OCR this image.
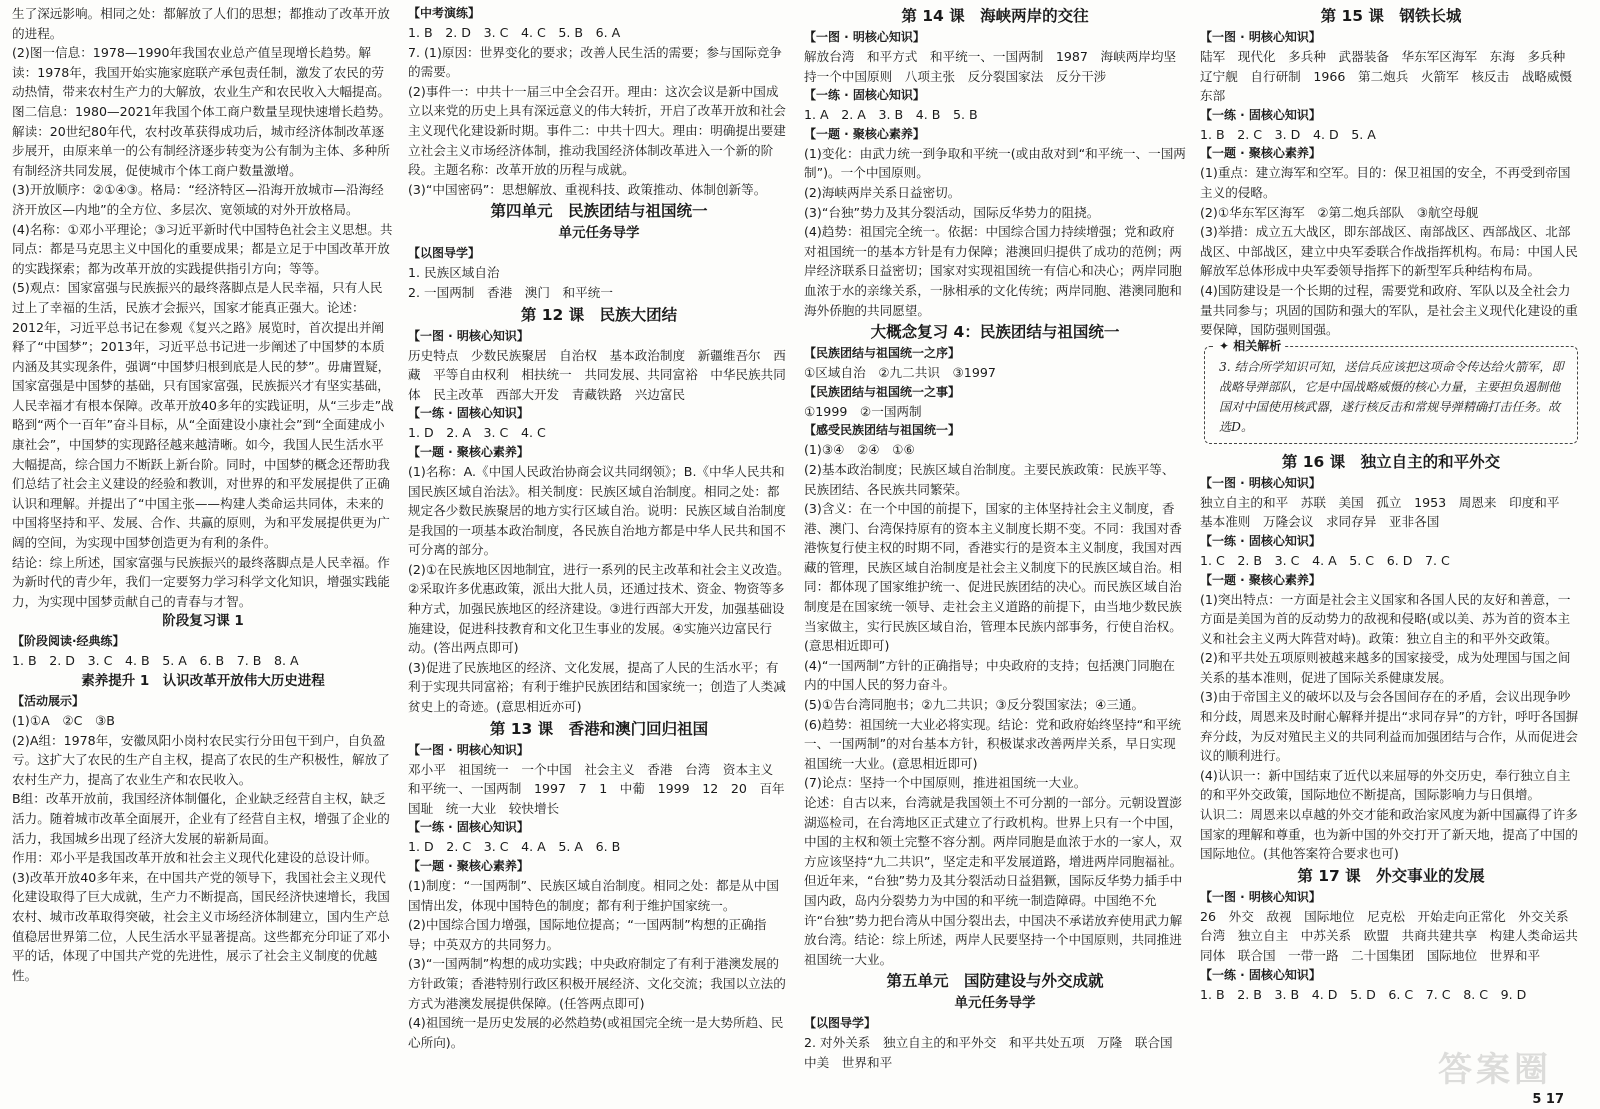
生了深远影响。相同之处：都解放了人们的思想；都推动了改革开放的进程。
(2)图一信息：1978—1990年我国农业总产值呈现增长趋势。解读：1978年，我国开始实施家庭联产承包责任制，激发了农民的劳动热情，带来农村生产力的大解放，农业生产和农民收入大幅提高。
图二信息：1980—2021年我国个体工商户数量呈现快速增长趋势。解读：20世纪80年代，农村改革获得成功后，城市经济体制改革逐步展开，由原来单一的公有制经济逐步转变为公有制为主体、多种所有制经济共同发展，促使城市个体工商户数量激增。
(3)开放顺序：②①④③。格局：“经济特区—沿海开放城市—沿海经济开放区—内地”的全方位、多层次、宽领域的对外开放格局。
(4)名称：①邓小平理论；③习近平新时代中国特色社会主义思想。共同点：都是马克思主义中国化的重要成果；都是立足于中国改革开放的实践探索；都为改革开放的实践提供指引方向；等等。
(5)观点：国家富强与民族振兴的最终落脚点是人民幸福，只有人民过上了幸福的生活，民族才会振兴，国家才能真正强大。论述：2012年，习近平总书记在参观《复兴之路》展览时，首次提出并阐释了“中国梦”；2013年，习近平总书记进一步阐述了中国梦的本质内涵及其实现条件，强调“中国梦归根到底是人民的梦”。毋庸置疑，国家富强是中国梦的基础，只有国家富强，民族振兴才有坚实基础，人民幸福才有根本保障。改革开放40多年的实践证明，从“三步走”战略到“两个一百年”奋斗目标，从“全面建设小康社会”到“全面建成小康社会”，中国梦的实现路径越来越清晰。如今，我国人民生活水平大幅提高，综合国力不断跃上新台阶。同时，中国梦的概念还帮助我们总结了社会主义建设的经验和教训，对世界的和平发展提供了正确认识和理解。并提出了“中国主张——构建人类命运共同体，未来的中国将坚持和平、发展、合作、共赢的原则，为和平发展提供更为广阔的空间，为实现中国梦创造更为有利的条件。
结论：综上所述，国家富强与民族振兴的最终落脚点是人民幸福。作为新时代的青少年，我们一定要努力学习科学文化知识，增强实践能力，为实现中国梦贡献自己的青春与才智。
阶段复习课 1
【阶段阅读·经典练】
1. B　2. D　3. C　4. B　5. A　6. B　7. B　8. A
素养提升 1　认识改革开放伟大历史进程
【活动展示】
(1)①A　②C　③B
(2)A组：1978年，安徽凤阳小岗村农民实行分田包干到户，自负盈亏。这扩大了农民的生产自主权，提高了农民的生产积极性，解放了农村生产力，提高了农业生产和农民收入。
B组：改革开放前，我国经济体制僵化，企业缺乏经营自主权，缺乏活力。随着城市改革全面展开，企业有了经营自主权，增强了企业的活力，我国城乡出现了经济大发展的崭新局面。
作用：邓小平是我国改革开放和社会主义现代化建设的总设计师。
(3)改革开放40多年来，在中国共产党的领导下，我国社会主义现代化建设取得了巨大成就，生产力不断提高，国民经济快速增长，我国农村、城市改革取得突破，社会主义市场经济体制建立，国内生产总值稳居世界第二位，人民生活水平显著提高。这些都充分印证了邓小平的话，体现了中国共产党的先进性，展示了社会主义制度的优越性。
【中考演练】
1. B　2. D　3. C　4. C　5. B　6. A
7. (1)原因：世界变化的要求；改善人民生活的需要；参与国际竞争的需要。
(2)事件一：中共十一届三中全会召开。理由：这次会议是新中国成立以来党的历史上具有深远意义的伟大转折，开启了改革开放和社会主义现代化建设新时期。事件二：中共十四大。理由：明确提出要建立社会主义市场经济体制，推动我国经济体制改革进入一个新的阶段。主题名称：改革开放的历程与成就。
(3)“中国密码”：思想解放、重视科技、政策推动、体制创新等。
第四单元　民族团结与祖国统一
单元任务导学
【以图导学】
1. 民族区域自治
2. 一国两制　香港　澳门　和平统一
第 12 课　民族大团结
【一图 · 明核心知识】
历史特点　少数民族聚居　自治权　基本政治制度　新疆维吾尔　西藏　平等自由权利　相扶统一　共同发展、共同富裕　中华民族共同体　民主改革　西部大开发　青藏铁路　兴边富民
【一练 · 固核心知识】
1. D　2. A　3. C　4. C
【一题 · 聚核心素养】
(1)名称：A.《中国人民政治协商会议共同纲领》；B.《中华人民共和国民族区域自治法》。相关制度：民族区域自治制度。相同之处：都规定各少数民族聚居的地方实行区域自治。说明：民族区域自治制度是我国的一项基本政治制度，各民族自治地方都是中华人民共和国不可分离的部分。
(2)①在民族地区因地制宜，进行一系列的民主改革和社会主义改造。②采取许多优惠政策，派出大批人员，还通过技术、资金、物资等多种方式，加强民族地区的经济建设。③进行西部大开发，加强基础设施建设，促进科技教育和文化卫生事业的发展。④实施兴边富民行动。(答出两点即可)
(3)促进了民族地区的经济、文化发展，提高了人民的生活水平；有利于实现共同富裕；有利于维护民族团结和国家统一；创造了人类减贫史上的奇迹。(意思相近亦可)
第 13 课　香港和澳门回归祖国
【一图 · 明核心知识】
邓小平　祖国统一　一个中国　社会主义　香港　台湾　资本主义　和平统一、一国两制　1997　7　1　中葡　1999　12　20　百年国耻　统一大业　较快增长
【一练 · 固核心知识】
1. D　2. C　3. C　4. A　5. A　6. B
【一题 · 聚核心素养】
(1)制度：“一国两制”、民族区域自治制度。相同之处：都是从中国国情出发，体现中国特色的制度；都有利于维护国家统一。
(2)中国综合国力增强，国际地位提高；“一国两制”构想的正确指导；中英双方的共同努力。
(3)“一国两制”构想的成功实践；中央政府制定了有利于港澳发展的方针政策；香港特别行政区积极开展经济、文化交流；我国以立法的方式为港澳发展提供保障。(任答两点即可)
(4)祖国统一是历史发展的必然趋势(或祖国完全统一是大势所趋、民心所向)。
第 14 课　海峡两岸的交往
【一图 · 明核心知识】
解放台湾　和平方式　和平统一、一国两制　1987　海峡两岸均坚持一个中国原则　八项主张　反分裂国家法　反分干涉
【一练 · 固核心知识】
1. A　2. A　3. B　4. B　5. B
【一题 · 聚核心素养】
(1)变化：由武力统一到争取和平统一(或由敌对到“和平统一、一国两制”)。一个中国原则。
(2)海峡两岸关系日益密切。
(3)“台独”势力及其分裂活动，国际反华势力的阻挠。
(4)趋势：祖国完全统一。依据：中国综合国力持续增强；党和政府对祖国统一的基本方针是有力保障；港澳回归提供了成功的范例；两岸经济联系日益密切；国家对实现祖国统一有信心和决心；两岸同胞血浓于水的亲缘关系，一脉相承的文化传统；两岸同胞、港澳同胞和海外侨胞的共同愿望。
大概念复习 4：民族团结与祖国统一
【民族团结与祖国统一之序】
①区域自治　②九二共识　③1997
【民族团结与祖国统一之事】
①1999　②一国两制
【感受民族团结与祖国统一】
(1)③④　②④　①⑥
(2)基本政治制度；民族区域自治制度。主要民族政策：民族平等、民族团结、各民族共同繁荣。
(3)含义：在一个中国的前提下，国家的主体坚持社会主义制度，香港、澳门、台湾保持原有的资本主义制度长期不变。不同：我国对香港恢复行使主权的时期不同，香港实行的是资本主义制度，我国对西藏的管理，民族区域自治制度是社会主义制度下的民族区域自治。相同：都体现了国家维护统一、促进民族团结的决心。而民族区域自治制度是在国家统一领导、走社会主义道路的前提下，由当地少数民族当家做主，实行民族区域自治，管理本民族内部事务，行使自治权。(意思相近即可)
(4)“一国两制”方针的正确指导；中央政府的支持；包括澳门同胞在内的中国人民的努力奋斗。
(5)①告台湾同胞书；②九二共识；③反分裂国家法；④三通。
(6)趋势：祖国统一大业必将实现。结论：党和政府始终坚持“和平统一、一国两制”的对台基本方针，积极谋求改善两岸关系，早日实现祖国统一大业。(意思相近即可)
(7)论点：坚持一个中国原则，推进祖国统一大业。
论述：自古以来，台湾就是我国领土不可分割的一部分。元朝设置澎湖巡检司，在台湾地区正式建立了行政机构。世界上只有一个中国，中国的主权和领土完整不容分割。两岸同胞是血浓于水的一家人，双方应该坚持“九二共识”，坚定走和平发展道路，增进两岸同胞福祉。但近年来，“台独”势力及其分裂活动日益猖獗，国际反华势力插手中国内政，岛内分裂势力为中国的和平统一制造障碍。中国绝不允许“台独”势力把台湾从中国分裂出去，中国决不承诺放弃使用武力解放台湾。结论：综上所述，两岸人民要坚持一个中国原则，共同推进祖国统一大业。
第五单元　国防建设与外交成就
单元任务导学
【以图导学】
2. 对外关系　独立自主的和平外交　和平共处五项　万隆　联合国　中美　世界和平
第 15 课　钢铁长城
【一图 · 明核心知识】
陆军　现代化　多兵种　武器装备　华东军区海军　东海　多兵种　辽宁舰　自行研制　1966　第二炮兵　火箭军　核反击　战略威慑　东部
【一练 · 固核心知识】
1. B　2. C　3. D　4. D　5. A
【一题 · 聚核心素养】
(1)重点：建立海军和空军。目的：保卫祖国的安全，不再受到帝国主义的侵略。
(2)①华东军区海军　②第二炮兵部队　③航空母舰
(3)举措：成立五大战区，即东部战区、南部战区、西部战区、北部战区、中部战区，建立中央军委联合作战指挥机构。布局：中国人民解放军总体形成中央军委领导指挥下的新型军兵种结构布局。
(4)国防建设是一个长期的过程，需要党和政府、军队以及全社会力量共同参与；巩固的国防和强大的军队，是社会主义现代化建设的重要保障，国防强则国强。
✦ 相关解析
3. 结合所学知识可知，送信兵应该把这项命令传达给火箭军，即战略导弹部队，它是中国战略威慑的核心力量，主要担负遏制他国对中国使用核武器，遂行核反击和常规导弹精确打击任务。故选D。
第 16 课　独立自主的和平外交
【一图 · 明核心知识】
独立自主的和平　苏联　美国　孤立　1953　周恩来　印度和平　基本准则　万隆会议　求同存异　亚非各国
【一练 · 固核心知识】
1. C　2. B　3. C　4. A　5. C　6. D　7. C
【一题 · 聚核心素养】
(1)突出特点：一方面是社会主义国家和各国人民的友好和善意，一方面是美国为首的反动势力的敌视和侵略(或以美、苏为首的资本主义和社会主义两大阵营对峙)。政策：独立自主的和平外交政策。
(2)和平共处五项原则被越来越多的国家接受，成为处理国与国之间关系的基本准则，促进了国际关系健康发展。
(3)由于帝国主义的破坏以及与会各国间存在的矛盾，会议出现争吵和分歧，周恩来及时耐心解释并提出“求同存异”的方针，呼吁各国摒弃分歧，为反对殖民主义的共同利益而加强团结与合作，从而促进会议的顺利进行。
(4)认识一：新中国结束了近代以来屈辱的外交历史，奉行独立自主的和平外交政策，国际地位不断提高，国际影响力与日俱增。
认识二：周恩来以卓越的外交才能和政治家风度为新中国赢得了许多国家的理解和尊重，也为新中国的外交打开了新天地，提高了中国的国际地位。(其他答案符合要求也可)
第 17 课　外交事业的发展
【一图 · 明核心知识】
26　外交　敌视　国际地位　尼克松　开始走向正常化　外交关系　台湾　独立自主　中苏关系　欧盟　共商共建共享　构建人类命运共同体　联合国　一带一路　二十国集团　国际地位　世界和平
【一练 · 固核心知识】
1. B　2. B　3. B　4. D　5. D　6. C　7. C　8. C　9. D
答案圈
5 17
